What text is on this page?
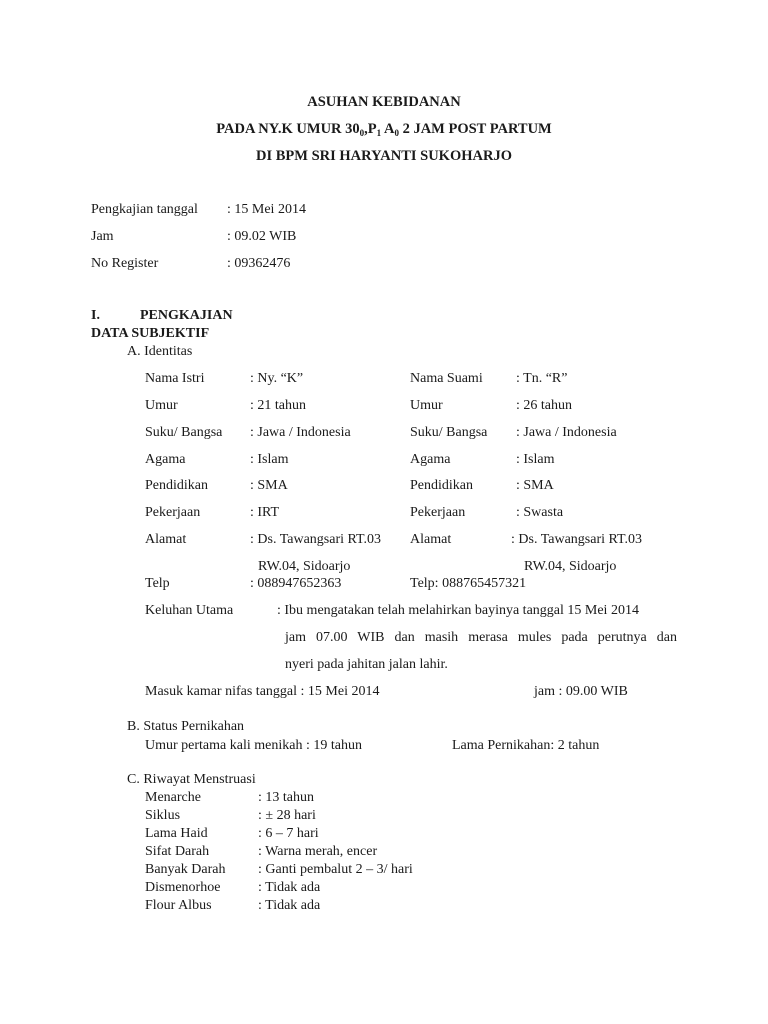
ASUHAN KEBIDANAN
PADA NY.K UMUR $30_0,P_1$ $A_0$ 2 JAM POST PARTUM
DI BPM SRI HARYANTI SUKOHARJO
Pengkajian tanggal : 15 Mei 2014
Jam	: 09.02 WIB
No Register	: 09362476
I.	PENGKAJIAN
DATA SUBJEKTIF
A. Identitas
Nama Istri	: Ny. “K”	Nama Suami : Tn. “R”
Umur	: 21 tahun	Umur	: 26 tahun
Suku/ Bangsa : Jawa / Indonesia	Suku/ Bangsa : Jawa / Indonesia
Agama	: Islam	Agama	: Islam
Pendidikan	: SMA	Pendidikan	: SMA
Pekerjaan	: IRT	Pekerjaan	: Swasta
Alamat	: Ds. Tawangsari RT.03 Alamat	: Ds. Tawangsari RT.03
RW.04, Sidoarjo	RW.04, Sidoarjo
Telp	: 088947652363	Telp: 088765457321
Keluhan Utama	: Ibu mengatakan telah melahirkan bayinya tanggal 15 Mei 2014
jam 07.00 WIB dan masih merasa mules pada perutnya dan
nyeri pada jahitan jalan lahir.
Masuk kamar nifas tanggal : 15 Mei 2014	jam : 09.00 WIB
B. Status Pernikahan
Umur pertama kali menikah : 19 tahun	Lama Pernikahan: 2 tahun
C. Riwayat Menstruasi
Menarche	: 13 tahun
Siklus	: ± 28 hari
Lama Haid	: 6 – 7 hari
Sifat Darah	: Warna merah, encer
Banyak Darah : Ganti pembalut 2 – 3/ hari
Dismenorhoe	: Tidak ada
Flour Albus	: Tidak ada
